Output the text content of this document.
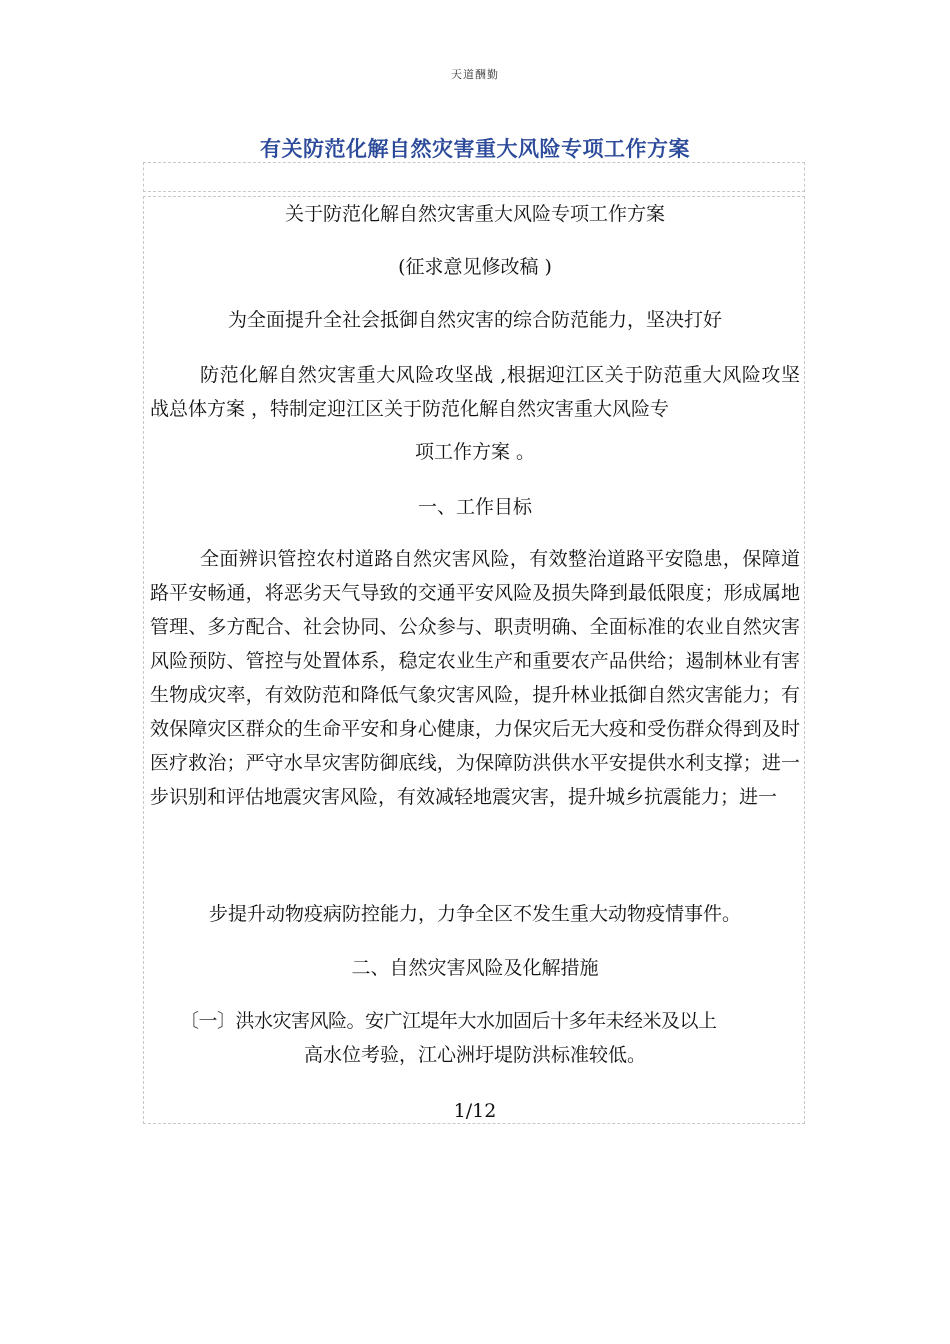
天道酬勤
有关防范化解自然灾害重大风险专项工作方案
关于防范化解自然灾害重大风险专项工作方案
(征求意见修改稿 )
为全面提升全社会抵御自然灾害的综合防范能力，坚决打好
防范化解自然灾害重大风险攻坚战 ,根据迎江区关于防范重大风险攻坚战总体方案 ，特制定迎江区关于防范化解自然灾害重大风险专
项工作方案 。
一、工作目标
全面辨识管控农村道路自然灾害风险，有效整治道路平安隐患，保障道路平安畅通，将恶劣天气导致的交通平安风险及损失降到最低限度；形成属地管理、多方配合、社会协同、公众参与、职责明确、全面标准的农业自然灾害风险预防、管控与处置体系，稳定农业生产和重要农产品供给；遏制林业有害生物成灾率，有效防范和降低气象灾害风险，提升林业抵御自然灾害能力；有效保障灾区群众的生命平安和身心健康，力保灾后无大疫和受伤群众得到及时医疗救治；严守水旱灾害防御底线，为保障防洪供水平安提供水利支撑；进一步识别和评估地震灾害风险，有效减轻地震灾害，提升城乡抗震能力；进一
步提升动物疫病防控能力，力争全区不发生重大动物疫情事件。
二、自然灾害风险及化解措施
〔一〕洪水灾害风险。安广江堤年大水加固后十多年未经米及以上
高水位考验，江心洲圩堤防洪标准较低。
1/12
